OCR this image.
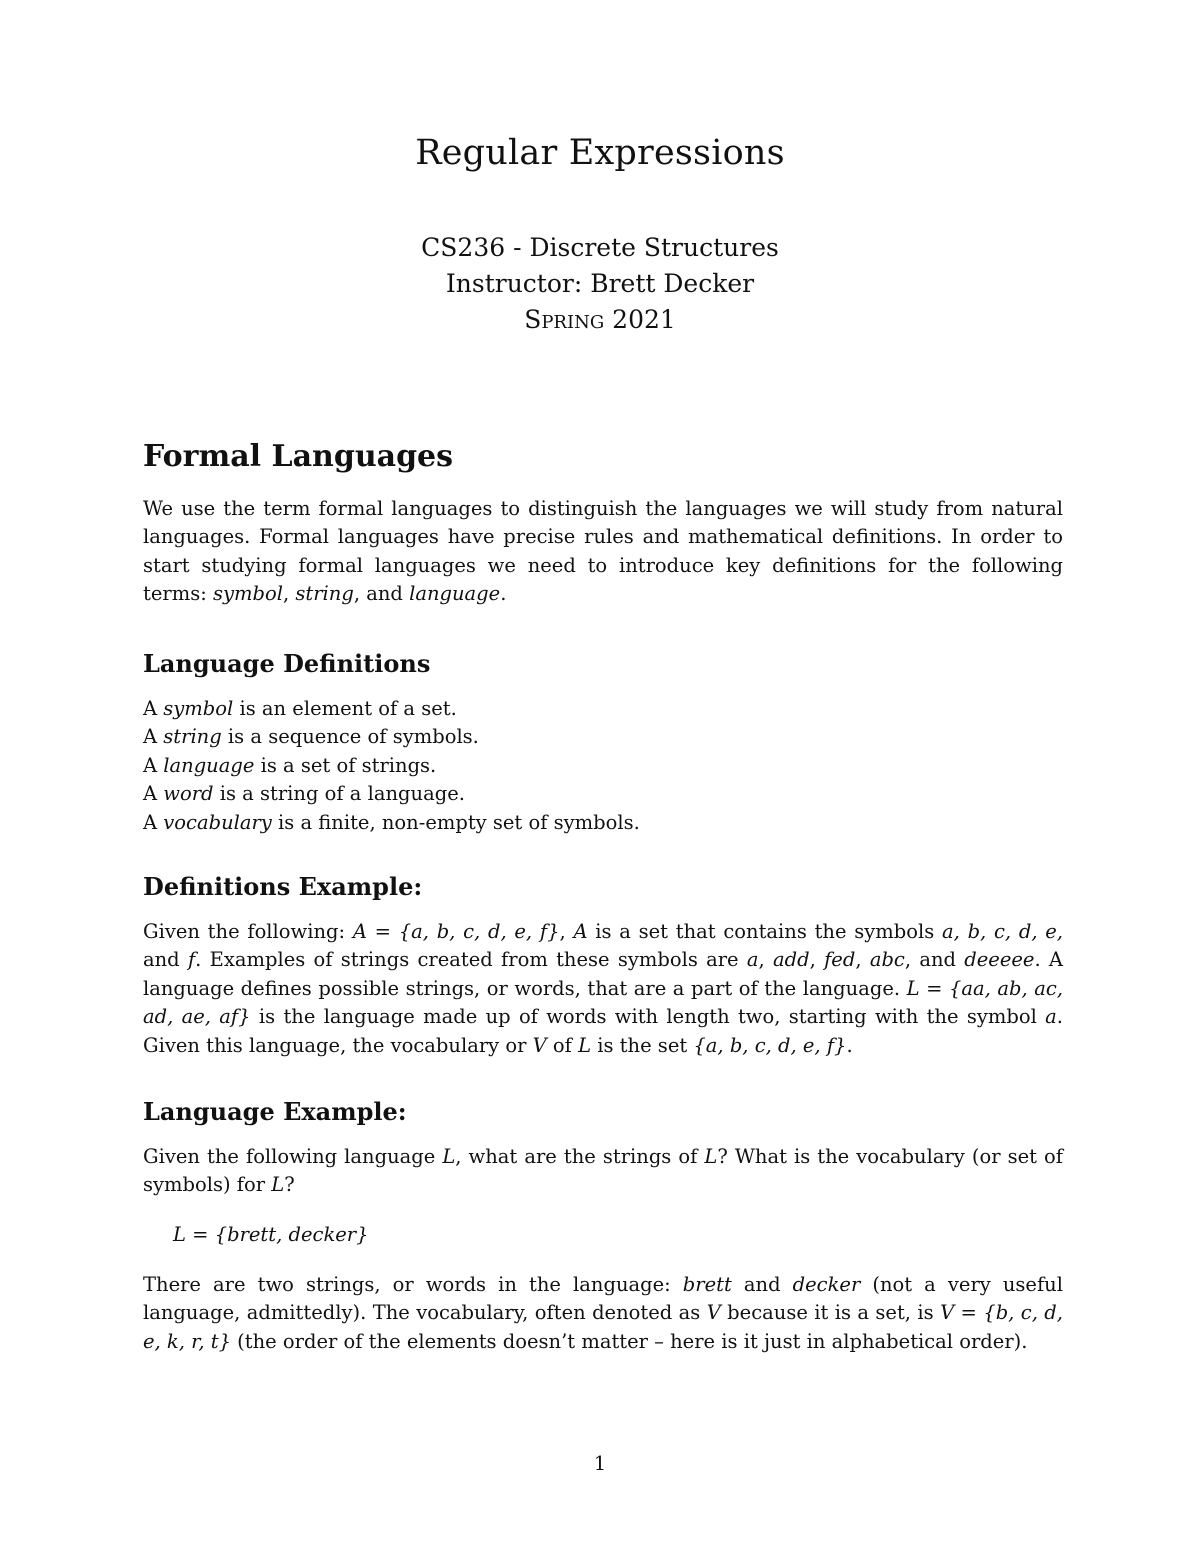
Regular Expressions
CS236 - Discrete Structures
Instructor: Brett Decker
Spring 2021
Formal Languages

We use the term formal languages to distinguish the languages we will study from natural languages. Formal languages have precise rules and mathematical definitions. In order to start studying formal languages we need to introduce key definitions for the following terms: symbol, string, and language.

Language Definitions
A symbol is an element of a set.
A string is a sequence of symbols.
A language is a set of strings.
A word is a string of a language.
A vocabulary is a finite, non-empty set of symbols.
Definitions Example:

Given the following: A = {a, b, c, d, e, f}, A is a set that contains the symbols a, b, c, d, e, and f. Examples of strings created from these symbols are a, add, fed, abc, and deeeee. A language defines possible strings, or words, that are a part of the language. L = {aa, ab, ac, ad, ae, af} is the language made up of words with length two, starting with the symbol a. Given this language, the vocabulary or V of L is the set {a, b, c, d, e, f}.

Language Example:

Given the following language L, what are the strings of L? What is the vocabulary (or set of symbols) for L?

L = {brett, decker}

There are two strings, or words in the language: brett and decker (not a very useful language, admittedly). The vocabulary, often denoted as V because it is a set, is V = {b, c, d, e, k, r, t} (the order of the elements doesn’t matter – here is it just in alphabetical order).

1
